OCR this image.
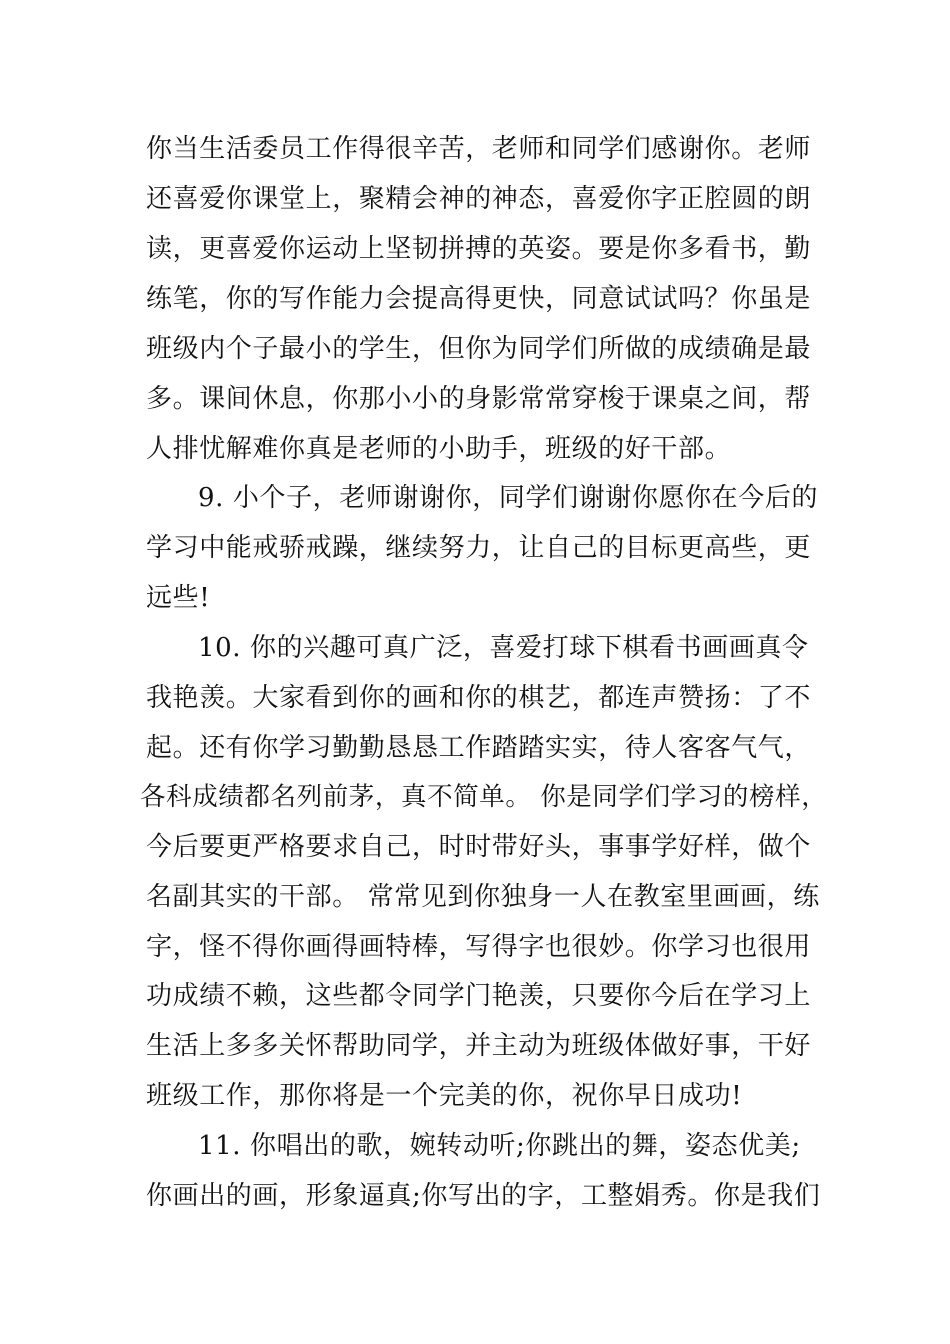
你当生活委员工作得很辛苦，老师和同学们感谢你。老师
还喜爱你课堂上，聚精会神的神态，喜爱你字正腔圆的朗
读，更喜爱你运动上坚韧拼搏的英姿。要是你多看书，勤
练笔，你的写作能力会提高得更快，同意试试吗？你虽是
班级内个子最小的学生，但你为同学们所做的成绩确是最
多。课间休息，你那小小的身影常常穿梭于课桌之间，帮
人排忧解难你真是老师的小助手，班级的好干部。
9. 小个子，老师谢谢你，同学们谢谢你愿你在今后的
学习中能戒骄戒躁，继续努力，让自己的目标更高些，更
远些!
10. 你的兴趣可真广泛，喜爱打球下棋看书画画真令
我艳羡。大家看到你的画和你的棋艺，都连声赞扬：了不
起。还有你学习勤勤恳恳工作踏踏实实，待人客客气气，
各科成绩都名列前茅，真不简单。 你是同学们学习的榜样，
今后要更严格要求自己，时时带好头，事事学好样，做个
名副其实的干部。 常常见到你独身一人在教室里画画，练
字，怪不得你画得画特棒，写得字也很妙。你学习也很用
功成绩不赖，这些都令同学门艳羡，只要你今后在学习上
生活上多多关怀帮助同学，并主动为班级体做好事，干好
班级工作，那你将是一个完美的你，祝你早日成功!
11. 你唱出的歌，婉转动听;你跳出的舞，姿态优美;
你画出的画，形象逼真;你写出的字，工整娟秀。你是我们
